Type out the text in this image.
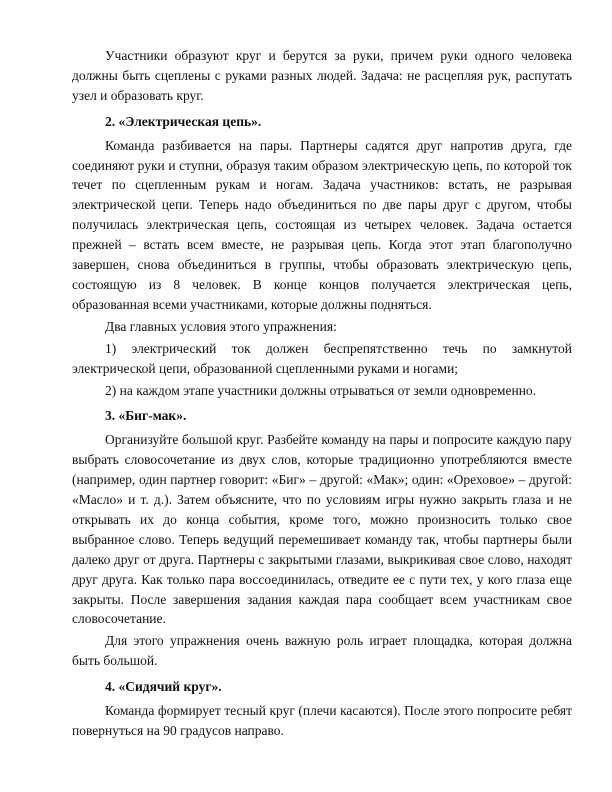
Участники образуют круг и берутся за руки, причем руки одного человека должны быть сцеплены с руками разных людей. Задача: не расцепляя рук, распутать узел и образовать круг.

2. «Электрическая цепь».

Команда разбивается на пары. Партнеры садятся друг напротив друга, где соединяют руки и ступни, образуя таким образом электрическую цепь, по которой ток течет по сцепленным рукам и ногам. Задача участников: встать, не разрывая электрической цепи. Теперь надо объединиться по две пары друг с другом, чтобы получилась электрическая цепь, состоящая из четырех человек. Задача остается прежней – встать всем вместе, не разрывая цепь. Когда этот этап благополучно завершен, снова объединиться в группы, чтобы образовать электрическую цепь, состоящую из 8 человек. В конце концов получается электрическая цепь, образованная всеми участниками, которые должны подняться.

Два главных условия этого упражнения:

1) электрический ток должен беспрепятственно течь по замкнутой электрической цепи, образованной сцепленными руками и ногами;

2) на каждом этапе участники должны отрываться от земли одновременно.

3. «Биг-мак».

Организуйте большой круг. Разбейте команду на пары и попросите каждую пару выбрать словосочетание из двух слов, которые традиционно употребляются вместе (например, один партнер говорит: «Биг» – другой: «Мак»; один: «Ореховое» – другой: «Масло» и т. д.). Затем объясните, что по условиям игры нужно закрыть глаза и не открывать их до конца события, кроме того, можно произносить только свое выбранное слово. Теперь ведущий перемешивает команду так, чтобы партнеры были далеко друг от друга. Партнеры с закрытыми глазами, выкрикивая свое слово, находят друг друга. Как только пара воссоединилась, отведите ее с пути тех, у кого глаза еще закрыты. После завершения задания каждая пара сообщает всем участникам свое словосочетание.

Для этого упражнения очень важную роль играет площадка, которая должна быть большой.

4. «Сидячий круг».

Команда формирует тесный круг (плечи касаются). После этого попросите ребят повернуться на 90 градусов направо.
